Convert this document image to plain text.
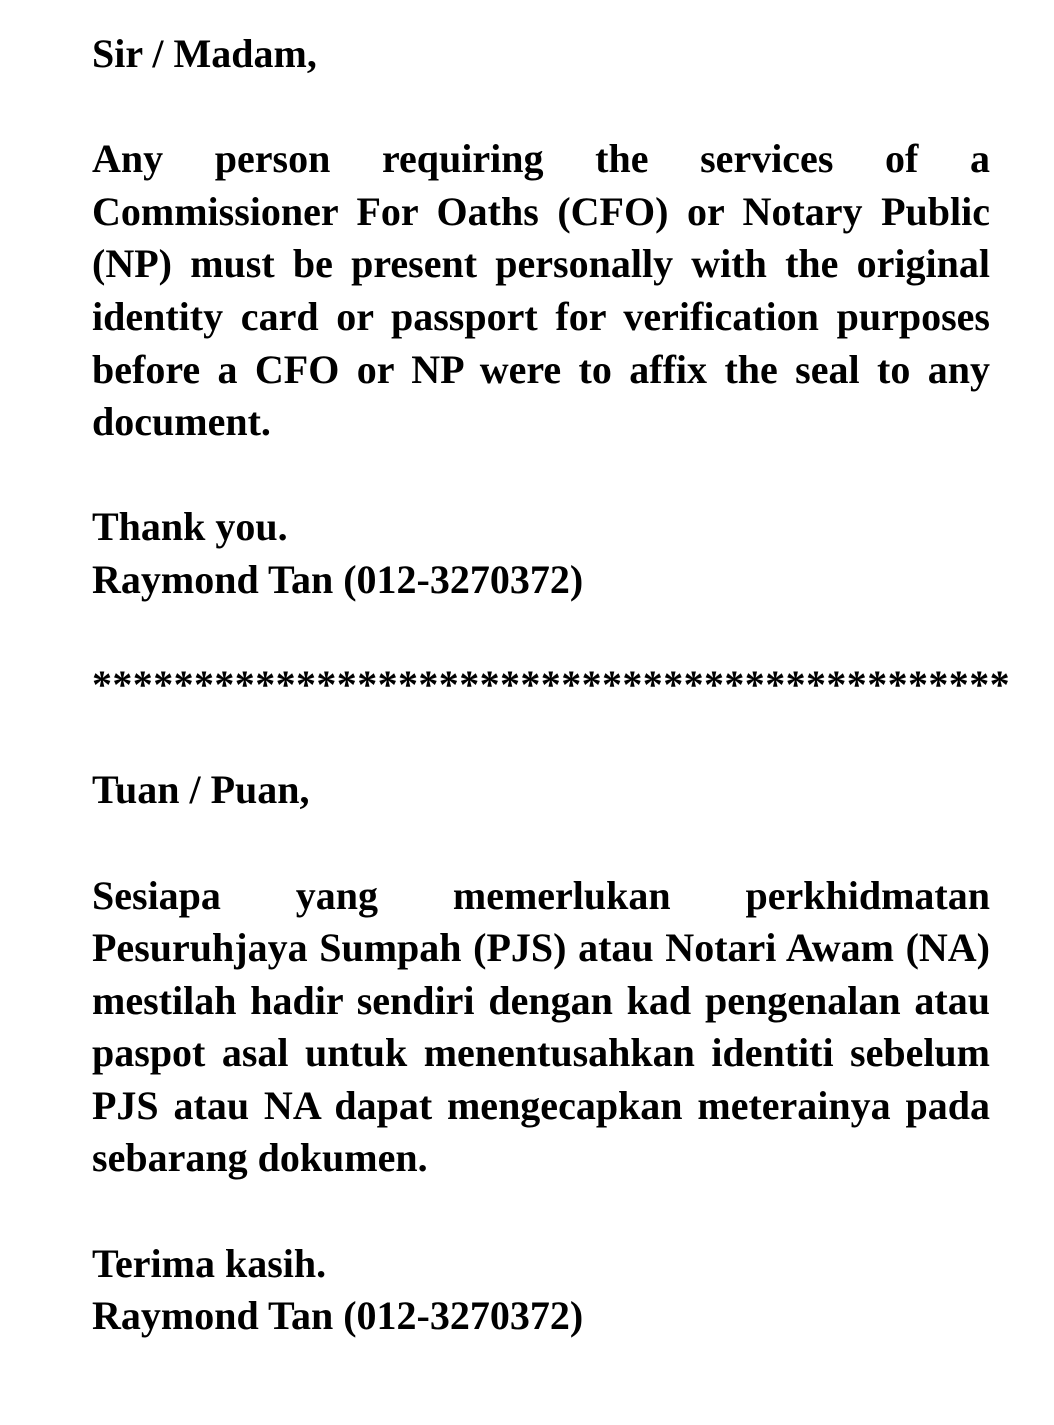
Sir / Madam,
Any person requiring the services of a Commissioner For Oaths (CFO) or Notary Public (NP) must be present personally with the original identity card or passport for verification purposes before a CFO or NP were to affix the seal to any document.
Thank you.
Raymond Tan (012-3270372)
*********************************************
Tuan / Puan,
Sesiapa yang memerlukan perkhidmatan Pesuruhjaya Sumpah (PJS) atau Notari Awam (NA) mestilah hadir sendiri dengan kad pengenalan atau paspot asal untuk menentusahkan identiti sebelum PJS atau NA dapat mengecapkan meterainya pada sebarang dokumen.
Terima kasih.
Raymond Tan (012-3270372)
